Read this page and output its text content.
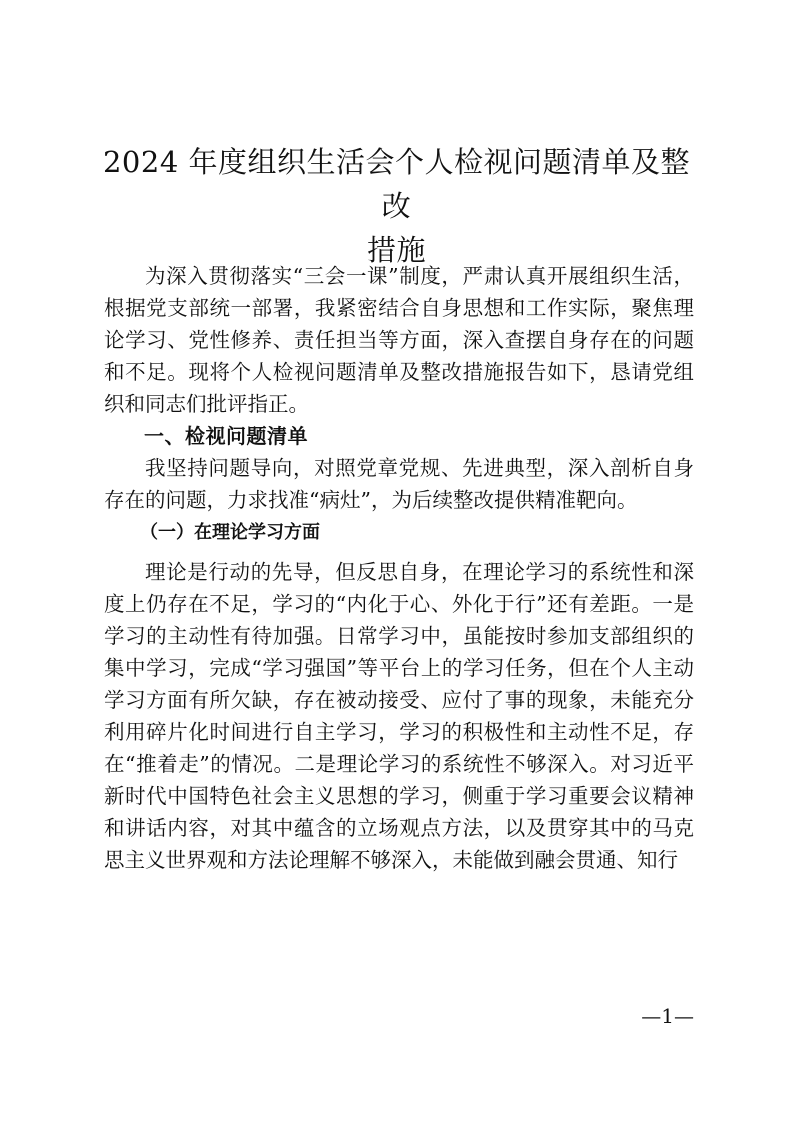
2024 年度组织生活会个人检视问题清单及整改
措施

为深入贯彻落实“三会一课”制度，严肃认真开展组织生活，根据党支部统一部署，我紧密结合自身思想和工作实际，聚焦理论学习、党性修养、责任担当等方面，深入查摆自身存在的问题和不足。现将个人检视问题清单及整改措施报告如下，恳请党组织和同志们批评指正。

一、检视问题清单

我坚持问题导向，对照党章党规、先进典型，深入剖析自身存在的问题，力求找准“病灶”，为后续整改提供精准靶向。

（一）在理论学习方面

理论是行动的先导，但反思自身，在理论学习的系统性和深度上仍存在不足，学习的“内化于心、外化于行”还有差距。一是学习的主动性有待加强。日常学习中，虽能按时参加支部组织的集中学习，完成“学习强国”等平台上的学习任务，但在个人主动学习方面有所欠缺，存在被动接受、应付了事的现象，未能充分利用碎片化时间进行自主学习，学习的积极性和主动性不足，存在“推着走”的情况。二是理论学习的系统性不够深入。对习近平新时代中国特色社会主义思想的学习，侧重于学习重要会议精神和讲话内容，对其中蕴含的立场观点方法，以及贯穿其中的马克思主义世界观和方法论理解不够深入，未能做到融会贯通、知行

—1—
